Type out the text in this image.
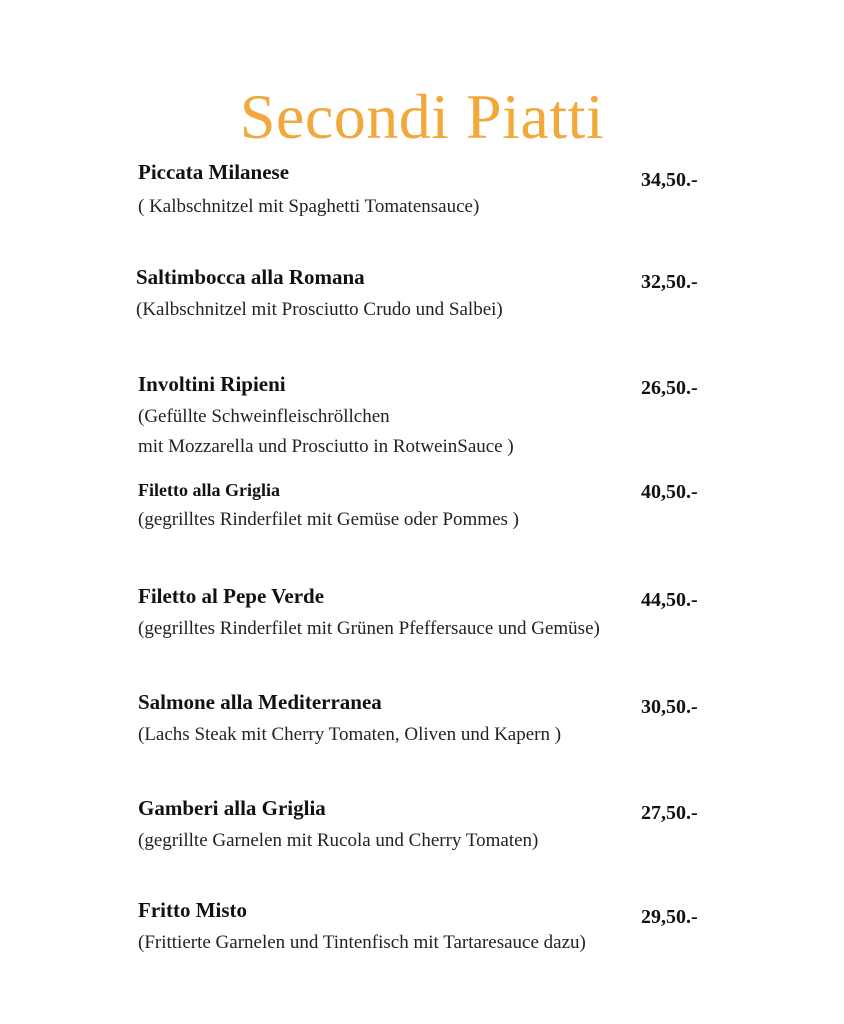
Secondi Piatti
Piccata Milanese	34,50.-
( Kalbschnitzel mit Spaghetti Tomatensauce)
Saltimbocca alla Romana	32,50.-
(Kalbschnitzel mit Prosciutto Crudo und Salbei)
Involtini Ripieni	26,50.-
(Gefüllte Schweinfleischröllchen
mit Mozzarella und Prosciutto in RotweinSauce )
Filetto alla Griglia	40,50.-
(gegrilltes Rinderfilet mit Gemüse oder Pommes )
Filetto al Pepe Verde	44,50.-
(gegrilltes Rinderfilet mit Grünen Pfeffersauce und Gemüse)
Salmone alla Mediterranea	30,50.-
(Lachs Steak mit Cherry Tomaten, Oliven und Kapern )
Gamberi alla Griglia	27,50.-
(gegrillte Garnelen mit Rucola und Cherry Tomaten)
Fritto Misto	29,50.-
(Frittierte Garnelen und Tintenfisch mit Tartaresauce dazu)
